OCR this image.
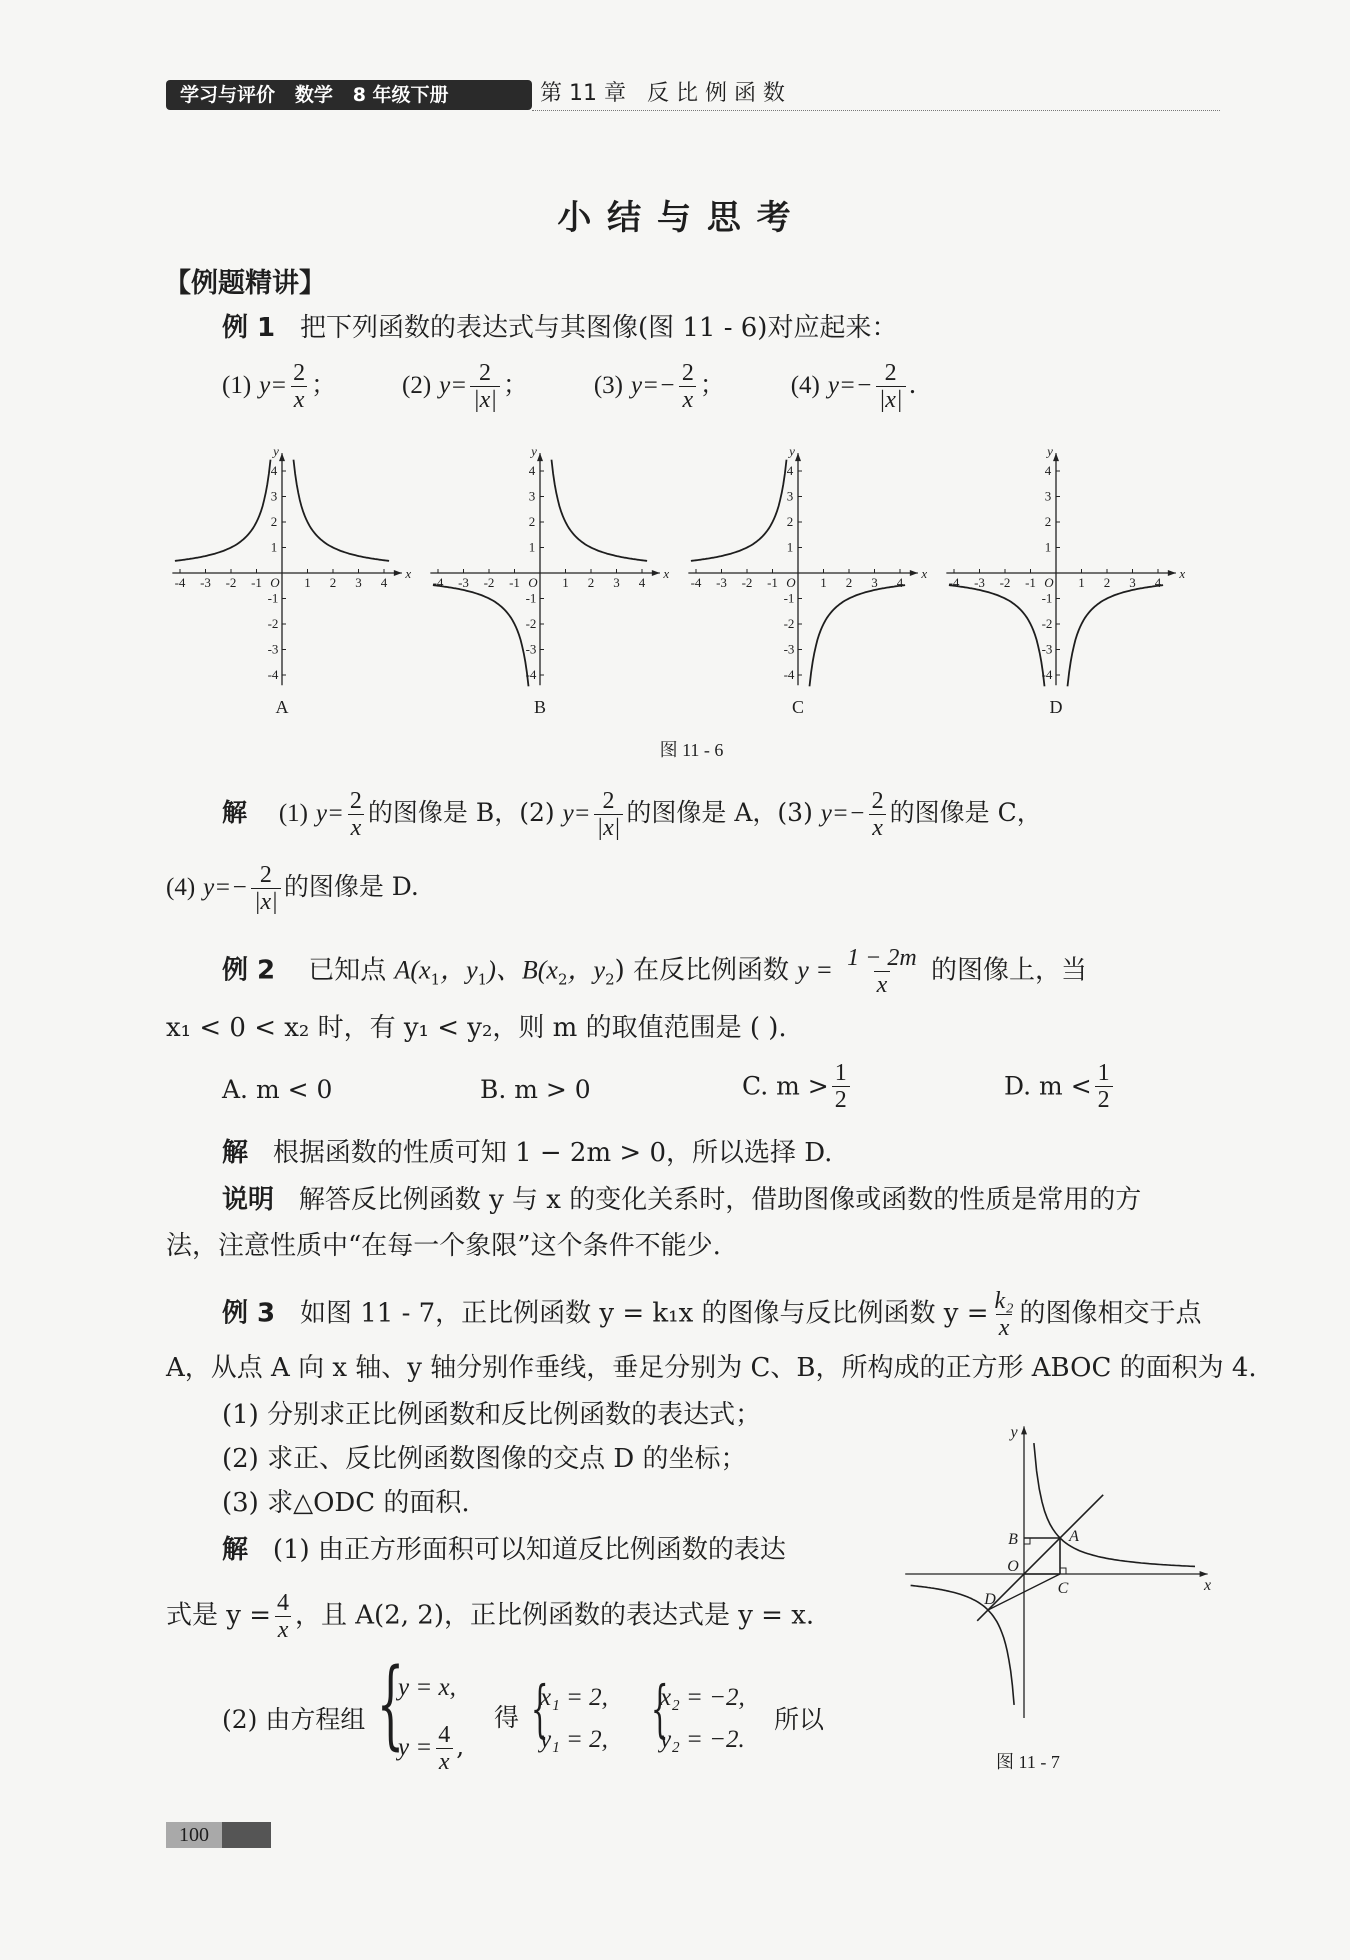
学习与评价   数学   8 年级下册	第 11 章   反 比 例 函 数
小 结 与 思 考
【例题精讲】
例 1 把下列函数的表达式与其图像(图 11 - 6)对应起来：
(1) $y= \frac{2}{x}$ ；	(2) $y= \frac{2}{|x|}$ ；	(3) $y=- \frac{2}{x}$ ；	(4) $y=- \frac{2}{|x|}$ .
x
y
O
-4 -3 -2 -1	1 2 3 4
4
3
2
1
-1
-2
-3
-4
A
x
y
O
-4 -3 -2 -1	1 2 3 4
4
3
2
1
-1
-2
-3
-4
B
x
y
O
-4 -3 -2 -1	1 2 3 4
4
3
2
1
-1
-2
-3
-4
C
x
y
O
-4 -3 -2 -1	1 2 3 4
4
3
2
1
-1
-2
-3
-4
D
图 11 - 6
解 (1) $y= \frac{2}{x}$ 的图像是 B，(2) $y= \frac{2}{|x|}$ 的图像是 A，(3) $y=- \frac{2}{x}$ 的图像是 C，
(4) $y=- \frac{2}{|x|}$ 的图像是 D.
例 2 已知点 $A(x_1$，$y_1$)、$B(x_2$，$y_2$) 在反比例函数 $y = \frac{1 - 2m}{x}$ 的图像上，当
x₁ < 0 < x₂ 时，有 y₁ < y₂，则 m 的取值范围是 ( ).
A. m < 0	B. m > 0	C. $m > \frac{1}{2}$	D. $m < \frac{1}{2}$
解 根据函数的性质可知 1 − 2m > 0，所以选择 D.
说明 解答反比例函数 y 与 x 的变化关系时，借助图像或函数的性质是常用的方
法，注意性质中“在每一个象限”这个条件不能少.
例 3 如图 11 - 7，正比例函数 y = k₁x 的图像与反比例函数 $y = \frac{\text{k₂}}{x}$ 的图像相交于点
A，从点 A 向 x 轴、y 轴分别作垂线，垂足分别为 C、B，所构成的正方形 ABOC 的面积为 4.
(1) 分别求正比例函数和反比例函数的表达式；
(2) 求正、反比例函数图像的交点 D 的坐标；
(3) 求△ODC 的面积.
解 (1) 由正方形面积可以知道反比例函数的表达
式是 $y = \frac{4}{x}$ ，且 A(2, 2)，正比例函数的表达式是 y = x.
(2) 由方程组 {
y = x,
$y = \frac{4}{x}$ ,
得 {
x₁ = 2,
y₁ = 2, {
x₂ = −2,
y₂ = −2.
所以
y
x
B	A
O
C
D
图 11 - 7
100
